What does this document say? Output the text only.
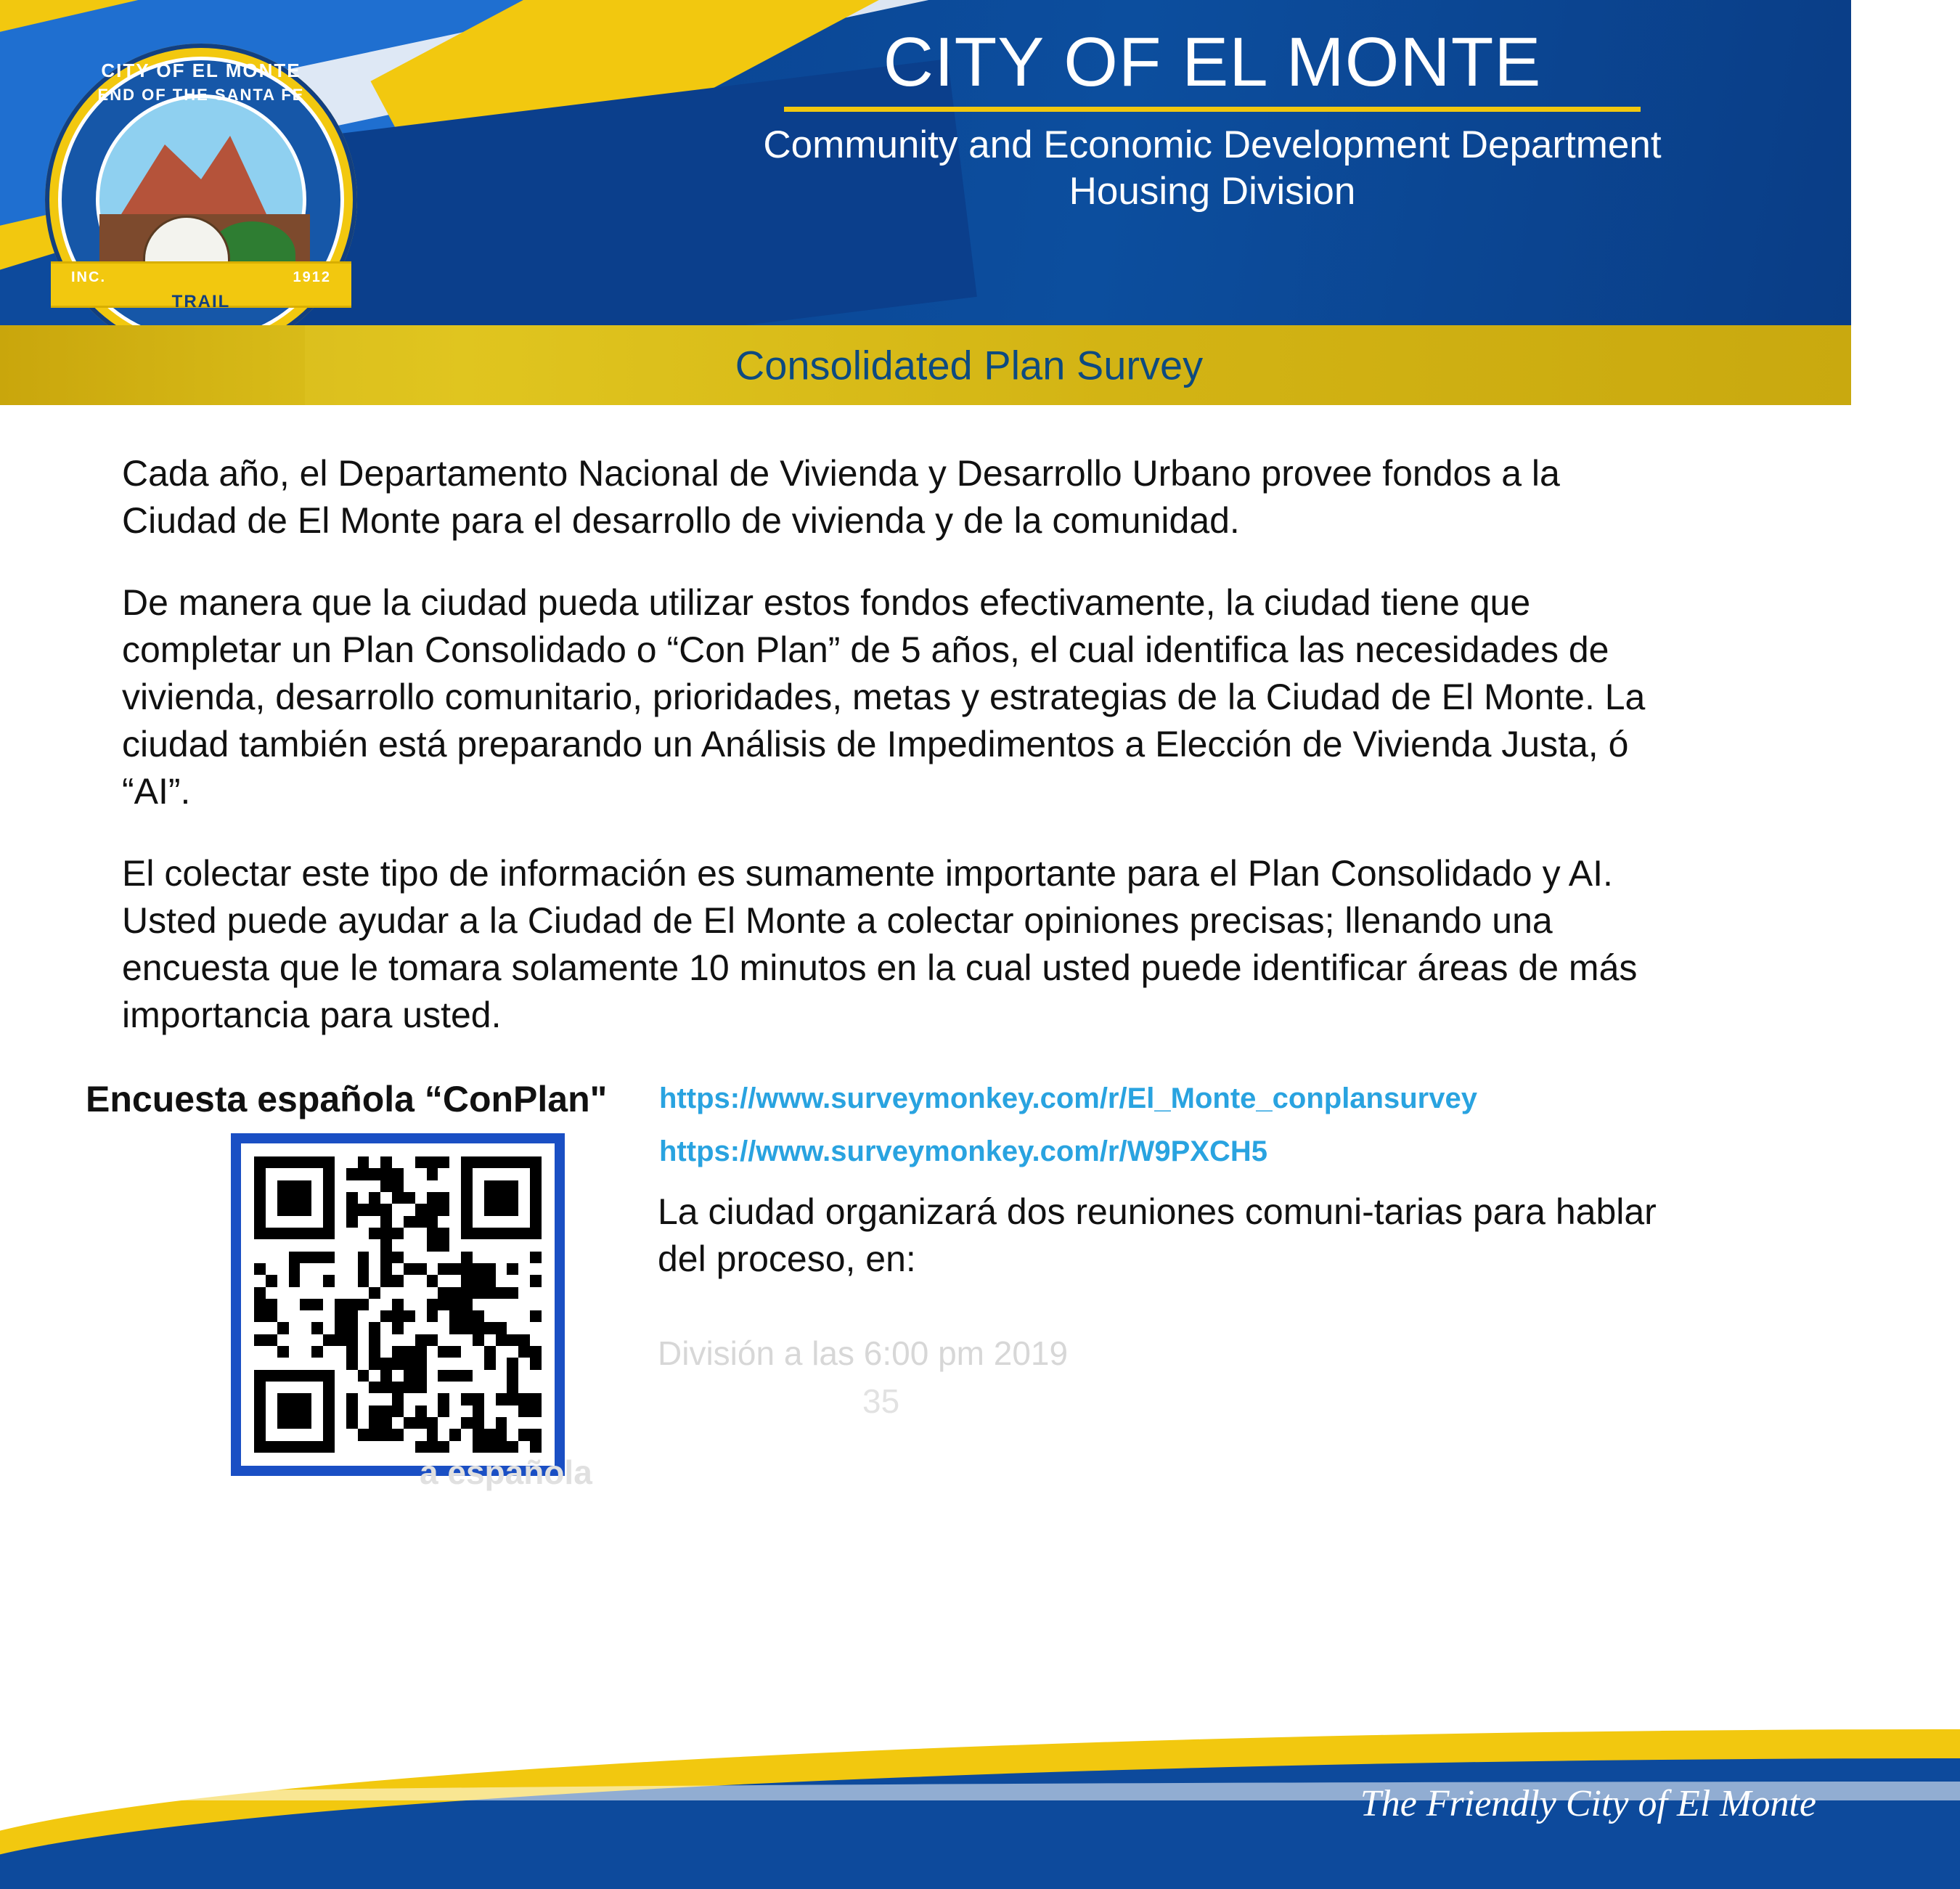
CITY OF EL MONTE
END OF THE SANTA FE
INC.	1912
TRAIL
CITY OF EL MONTE
Community and Economic Development Department
Housing Division
Consolidated Plan Survey

Cada año, el Departamento Nacional de Vivienda y Desarrollo Urbano provee fondos a la Ciudad de El Monte para el desarrollo de vivienda y de la comunidad.

De manera que la ciudad pueda utilizar estos fondos efectivamente, la ciudad tiene que completar un Plan Consolidado o “Con Plan” de 5 años, el cual identifica las necesidades de vivienda, desarrollo comunitario, prioridades, metas y estrategias de la Ciudad de El Monte. La ciudad también está preparando un Análisis de Impedimentos a Elección de Vivienda Justa, ó “AI”.

El colectar este tipo de información es sumamente importante para el Plan Consolidado y AI. Usted puede ayudar a la Ciudad de El Monte a colectar opiniones precisas; llenando una encuesta que le tomara solamente 10 minutos en la cual usted puede identificar áreas de más importancia para usted.

Encuesta española “ConPlan" https://www.surveymonkey.com/r/El_Monte_conplansurvey
https://www.surveymonkey.com/r/W9PXCH5
La ciudad organizará dos reuniones comuni-tarias para hablar del proceso, en:
División a las 6:00 pm 2019
35
a española
The Friendly City of El Monte
